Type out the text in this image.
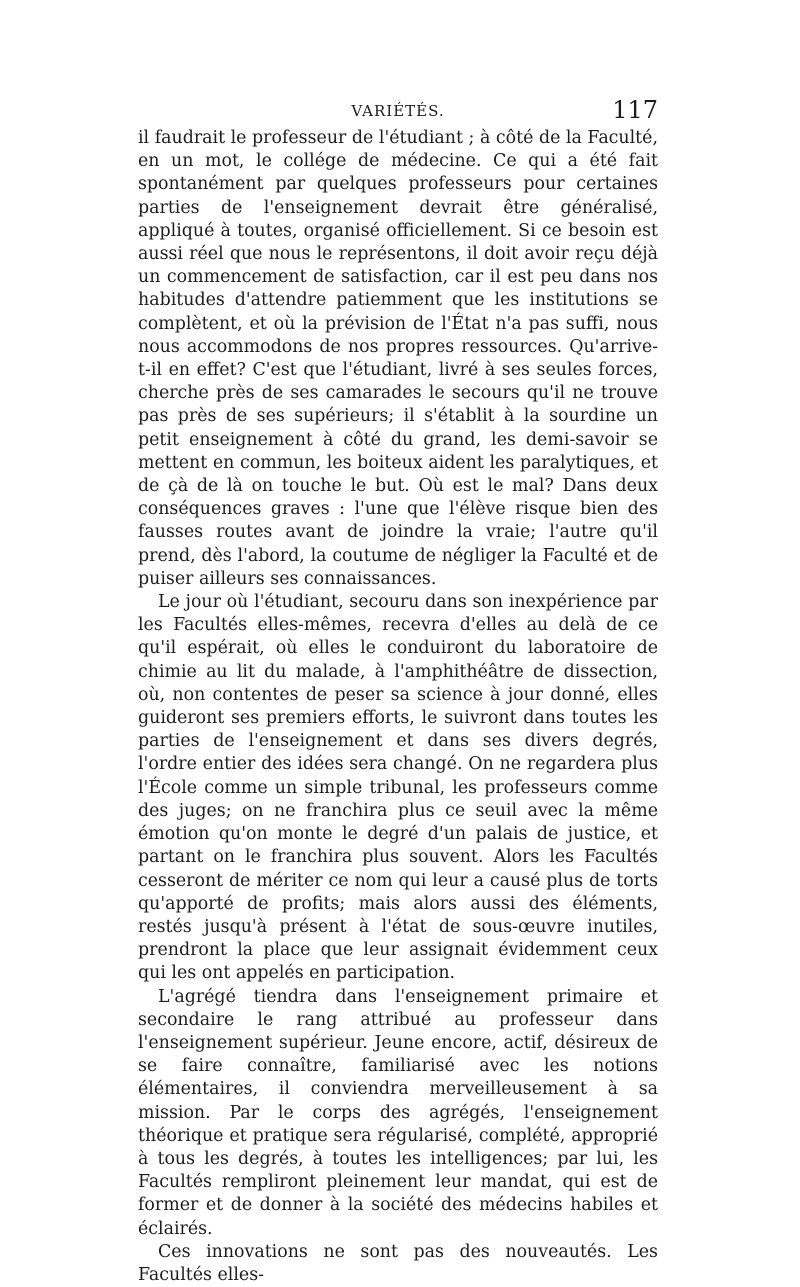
VARIÉTÉS.	117

il faudrait le professeur de l'étudiant ; à côté de la Faculté, en un mot, le collége de médecine. Ce qui a été fait spontanément par quelques professeurs pour certaines parties de l'enseignement devrait être généralisé, appliqué à toutes, organisé officiellement. Si ce besoin est aussi réel que nous le représentons, il doit avoir reçu déjà un commencement de satisfaction, car il est peu dans nos habitudes d'attendre patiemment que les institutions se complètent, et où la prévision de l'État n'a pas suffi, nous nous accommodons de nos propres ressources. Qu'arrive-t-il en effet? C'est que l'étudiant, livré à ses seules forces, cherche près de ses camarades le secours qu'il ne trouve pas près de ses supérieurs; il s'établit à la sourdine un petit enseignement à côté du grand, les demi-savoir se mettent en commun, les boiteux aident les paralytiques, et de çà de là on touche le but. Où est le mal? Dans deux conséquences graves : l'une que l'élève risque bien des fausses routes avant de joindre la vraie; l'autre qu'il prend, dès l'abord, la coutume de négliger la Faculté et de puiser ailleurs ses connaissances.

Le jour où l'étudiant, secouru dans son inexpérience par les Facultés elles-mêmes, recevra d'elles au delà de ce qu'il espérait, où elles le conduiront du laboratoire de chimie au lit du malade, à l'amphithéâtre de dissection, où, non contentes de peser sa science à jour donné, elles guideront ses premiers efforts, le suivront dans toutes les parties de l'enseignement et dans ses divers degrés, l'ordre entier des idées sera changé. On ne regardera plus l'École comme un simple tribunal, les professeurs comme des juges; on ne franchira plus ce seuil avec la même émotion qu'on monte le degré d'un palais de justice, et partant on le franchira plus souvent. Alors les Facultés cesseront de mériter ce nom qui leur a causé plus de torts qu'apporté de profits; mais alors aussi des éléments, restés jusqu'à présent à l'état de sous-œuvre inutiles, prendront la place que leur assignait évidemment ceux qui les ont appelés en participation.

L'agrégé tiendra dans l'enseignement primaire et secondaire le rang attribué au professeur dans l'enseignement supérieur. Jeune encore, actif, désireux de se faire connaître, familiarisé avec les notions élémentaires, il conviendra merveilleusement à sa mission. Par le corps des agrégés, l'enseignement théorique et pratique sera régularisé, complété, approprié à tous les degrés, à toutes les intelligences; par lui, les Facultés rempliront pleinement leur mandat, qui est de former et de donner à la société des médecins habiles et éclairés.

Ces innovations ne sont pas des nouveautés. Les Facultés elles-
